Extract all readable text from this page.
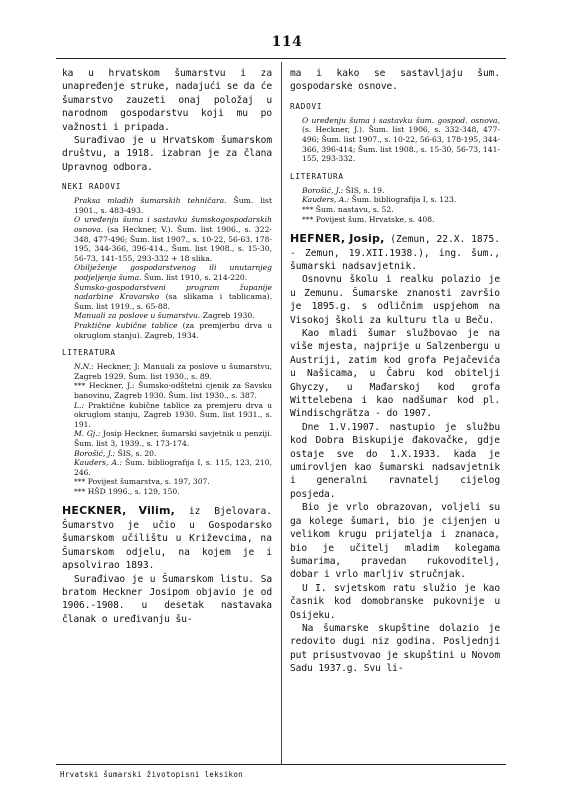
114

ka u hrvatskom šumarstvu i za unapređenje struke, nadajući se da će šumarstvo zauzeti onaj položaj u narodnom gospodarstvu koji mu po važnosti i pripada.

Surađivao je u Hrvatskom šumarskom društvu, a 1918. izabran je za člana Upravnog odbora.

NEKI RADOVI

Praksa mladih šumarskih tehničara. Šum. list 1901., s. 483-493.

O uređenju šuma i sastavku šumskogospodarskih osnova. (sa Heckner, V.). Šum. list 1906., s. 322-348, 477-496; Šum. list 1907., s. 10-22, 56-63, 178-195, 344-366, 396-414., Šum. list 1908., s. 15-30, 56-73, 141-155, 293-332 + 18 slika.

Obilježenje gospodarstvenog ili unutarnjeg podjeljenja šuma. Šum. list 1910, s. 214-220.

Šumsko-gospodarstveni program županije nadarbine Kravarsko (sa slikama i tablicama). Šum. list 1919., s. 65-88.

Manuali za poslove u šumarstvu. Zagreb 1930.

Praktične kubične tablice (za premjerbu drva u okruglom stanju). Zagreb, 1934.

LITERATURA

N.N.: Heckner, J: Manuali za poslove u šumarstvu, Zagreb 1929. Šum. list 1930., s. 89.

*** Heckner, J.: Šumsko-odštetni cjenik za Savsku banovinu, Zagreb 1930. Šum. list 1930., s. 387.

L.: Praktične kubične tablice za premjeru drva u okruglom stanju, Zagreb 1930. Šum. list 1931., s. 191.

M. Gj.: Josip Heckner, šumarski savjetnik u penziji. Šum. list 3, 1939., s. 173-174.

Borošić, J.: ŠIS, s. 20.

Kauders, A.: Šum. bibliografija I, s. 115, 123, 210, 246.

*** Povijest šumarstva, s. 197, 307.

*** HŠD 1996., s. 129, 150.

HECKNER, Vilim, iz Bjelovara. Šumarstvo je učio u Gospodarsko šumarskom učilištu u Križevcima, na Šumarskom odjelu, na kojem je i apsolvirao 1893.

Surađivao je u Šumarskom listu. Sa bratom Heckner Josipom objavio je od 1906.-1908. u desetak nastavaka članak o uređivanju šu-

ma i kako se sastavljaju šum. gospodarske osnove.

RADOVI

O uređenju šuma i sastavku šum. gospod. osnova, (s. Heckner, J.). Šum. list 1906, s. 332-348, 477-496; Šum. list 1907., s. 10-22, 56-63, 178-195, 344-366, 396-414; Šum. list 1908., s. 15-30, 56-73, 141-155, 293-332.

LITERATURA

Borošić, J.: ŠIS, s. 19.

Kauders, A.: Šum. bibliografija I, s. 123.

*** Šum. nastavu, s. 52.

*** Povijest šum. Hrvatske, s. 408.

HEFNER, Josip, (Zemun, 22.X. 1875. - Zemun, 19.XII.1938.), ing. šum., šumarski nadsavjetnik.

Osnovnu školu i realku polazio je u Zemunu. Šumarske znanosti završio je 1895.g. s odličnim uspjehom na Visokoj školi za kulturu tla u Beču.

Kao mladi šumar službovao je na više mjesta, najprije u Salzenbergu u Austriji, zatim kod grofa Pejačevića u Našicama, u Čabru kod obitelji Ghyczy, u Mađarskoj kod grofa Wittelebena i kao nadšumar kod pl. Windischgrätza - do 1907.

Dne 1.V.1907. nastupio je službu kod Dobra Biskupije đakovačke, gdje ostaje sve do 1.X.1933. kada je umirovljen kao šumarski nadsavjetnik i generalni ravnatelj cijelog posjeda.

Bio je vrlo obrazovan, voljeli su ga kolege šumari, bio je cijenjen u velikom krugu prijatelja i znanaca, bio je učitelj mladim kolegama šumarima, pravedan rukovoditelj, dobar i vrlo marljiv stručnjak.

U I. svjetskom ratu služio je kao časnik kod domobranske pukovnije u Osijeku.

Na šumarske skupštine dolazio je redovito dugi niz godina. Posljednji put prisustvovao je skupštini u Novom Sadu 1937.g. Svu li-

Hrvatski šumarski životopisni leksikon
